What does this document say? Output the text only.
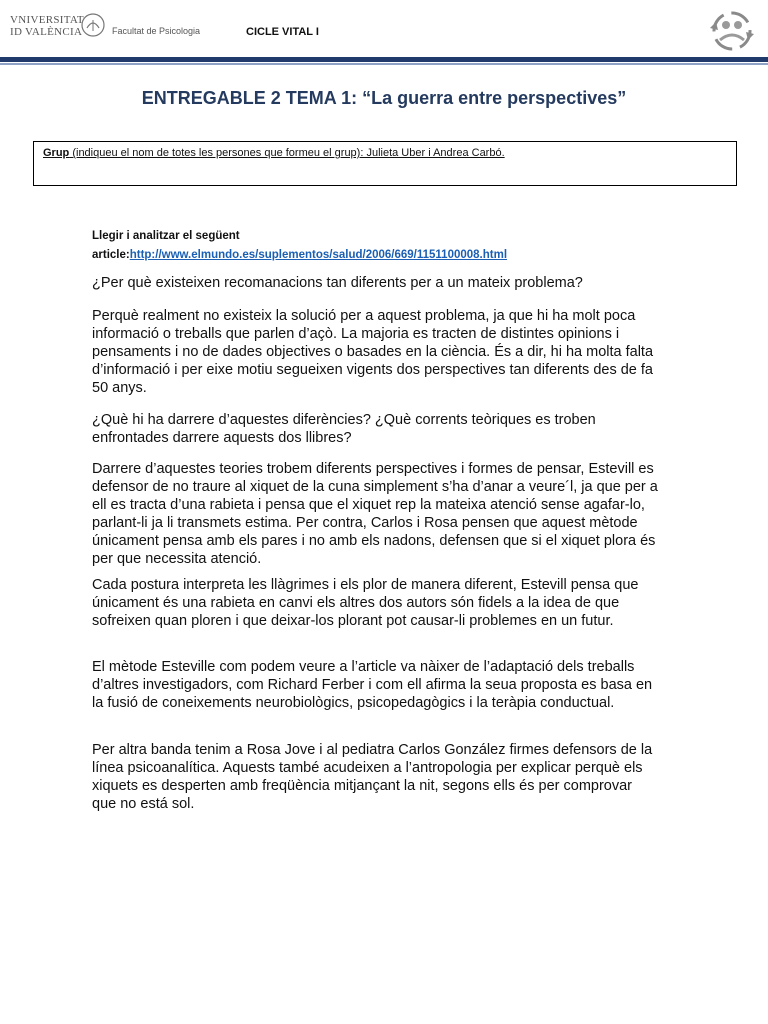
VNIVERSITAT
ID VALÈNCIA	Facultat de Psicologia	CICLE VITAL I
ENTREGABLE 2 TEMA 1: “La guerra entre perspectives”
Grup (indiqueu el nom de totes les persones que formeu el grup): Julieta Uber i Andrea Carbó.
Llegir i analitzar el següent
article:http://www.elmundo.es/suplementos/salud/2006/669/1151100008.html
¿Per què existeixen recomanacions tan diferents per a un mateix problema?
Perquè realment no existeix la solució per a aquest problema, ja que hi ha molt poca informació o treballs que parlen d’açò. La majoria es tracten de distintes opinions i pensaments i no de dades objectives o basades en la ciència. És a dir, hi ha molta falta d’informació i per eixe motiu segueixen vigents dos perspectives tan diferents des de fa 50 anys.
¿Què hi ha darrere d’aquestes diferències? ¿Què corrents teòriques es troben enfrontades darrere aquests dos llibres?
Darrere d’aquestes teories trobem diferents perspectives i formes de pensar, Estevill es defensor de no traure al xiquet de la cuna simplement s’ha d’anar a veure´l, ja que per a ell es tracta d’una rabieta i pensa que el xiquet rep la mateixa atenció sense agafar-lo, parlant-li ja li transmets estima. Per contra, Carlos i Rosa pensen que aquest mètode únicament pensa amb els pares i no amb els nadons, defensen que si el xiquet plora és per que necessita atenció.
Cada postura interpreta les llàgrimes i els plor de manera diferent, Estevill pensa que únicament és una rabieta en canvi els altres dos autors són fidels a la idea de que sofreixen quan ploren i que deixar-los plorant pot causar-li problemes en un futur.
El mètode Esteville com podem veure a l’article va nàixer de l’adaptació dels treballs d’altres investigadors, com Richard Ferber i com ell afirma la seua proposta es basa en la fusió de coneixements neurobiològics, psicopedagògics i la teràpia conductual.
Per altra banda tenim a Rosa Jove i al pediatra Carlos González firmes defensors de la línea psicoanalítica. Aquests també acudeixen a l’antropologia per explicar perquè els xiquets es desperten amb freqüència mitjançant la nit, segons ells és per comprovar que no está sol.
